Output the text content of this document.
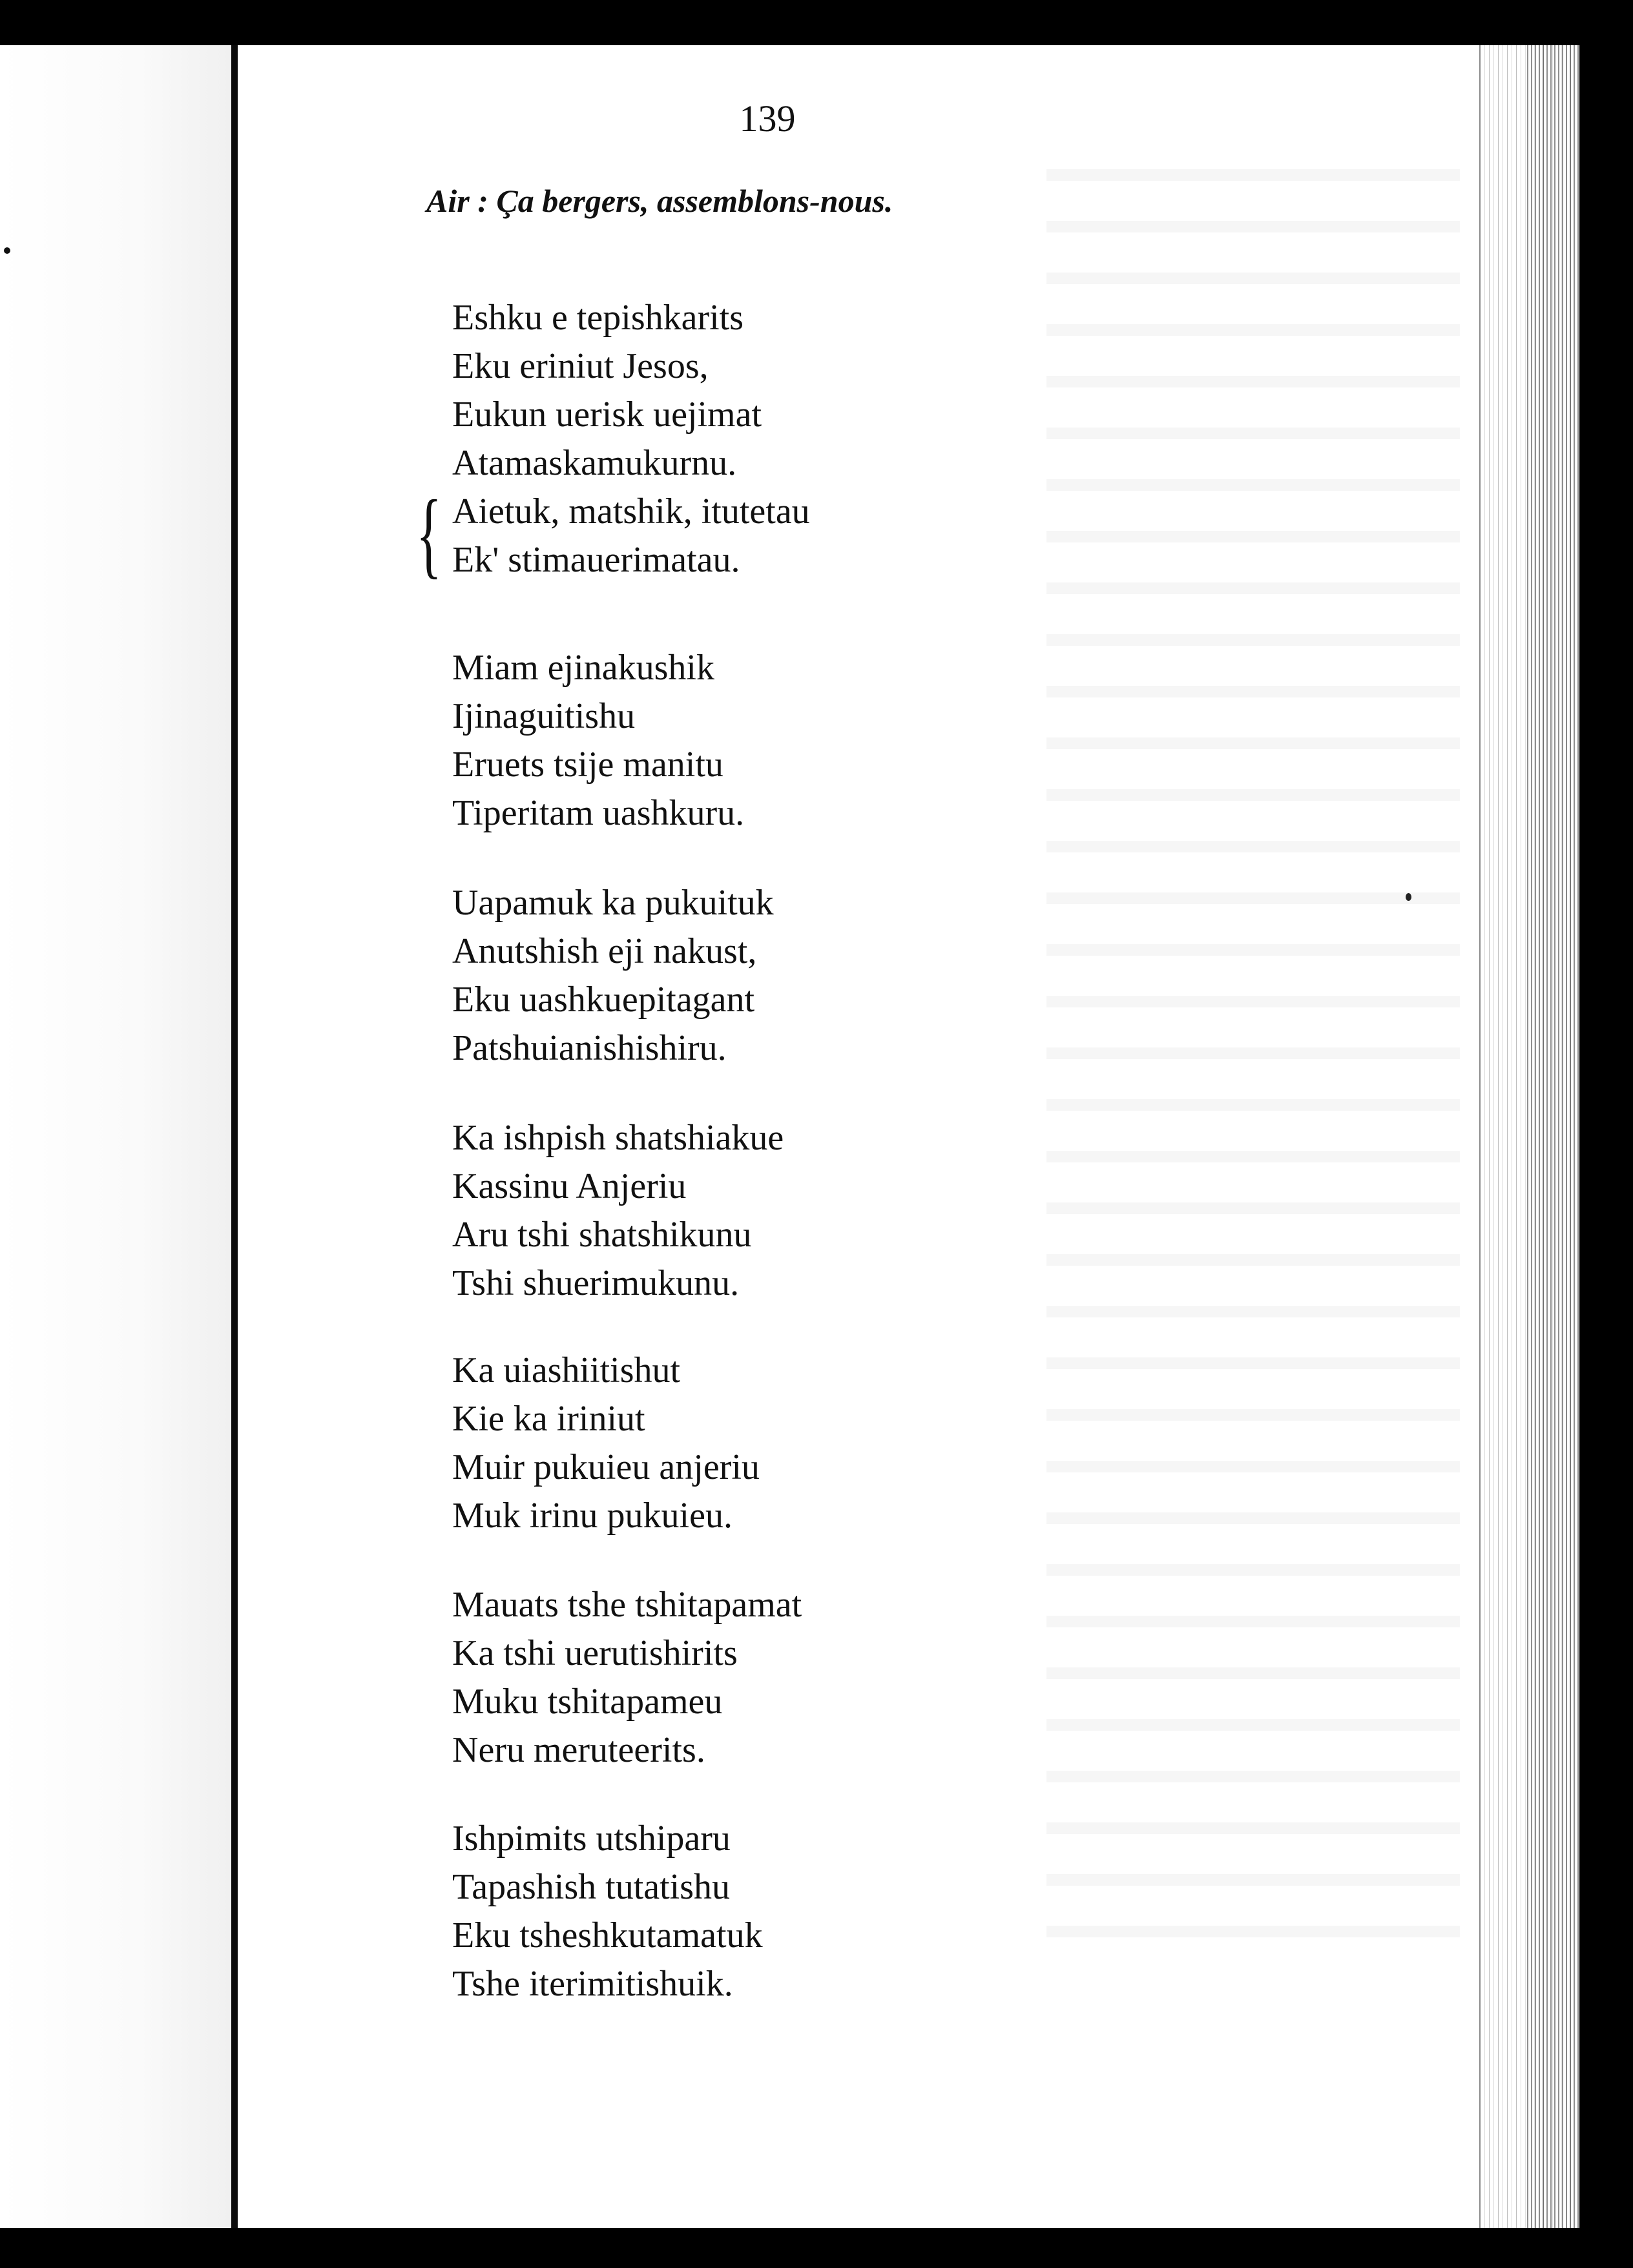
139
Air : Ça bergers, assemblons-nous.
{
Eshku e tepishkarits
Eku eriniut Jesos,
Eukun uerisk uejimat
Atamaskamukurnu.
Aietuk, matshik, itutetau
Ek' stimauerimatau.
Miam ejinakushik
Ijinaguitishu
Eruets tsije manitu
Tiperitam uashkuru.
Uapamuk ka pukuituk
Anutshish eji nakust,
Eku uashkuepitagant
Patshuianishishiru.
Ka ishpish shatshiakue
Kassinu Anjeriu
Aru tshi shatshikunu
Tshi shuerimukunu.
Ka uiashiitishut
Kie ka iriniut
Muir pukuieu anjeriu
Muk irinu pukuieu.
Mauats tshe tshitapamat
Ka tshi uerutishirits
Muku tshitapameu
Neru meruteerits.
Ishpimits utshiparu
Tapashish tutatishu
Eku tsheshkutamatuk
Tshe iterimitishuik.
